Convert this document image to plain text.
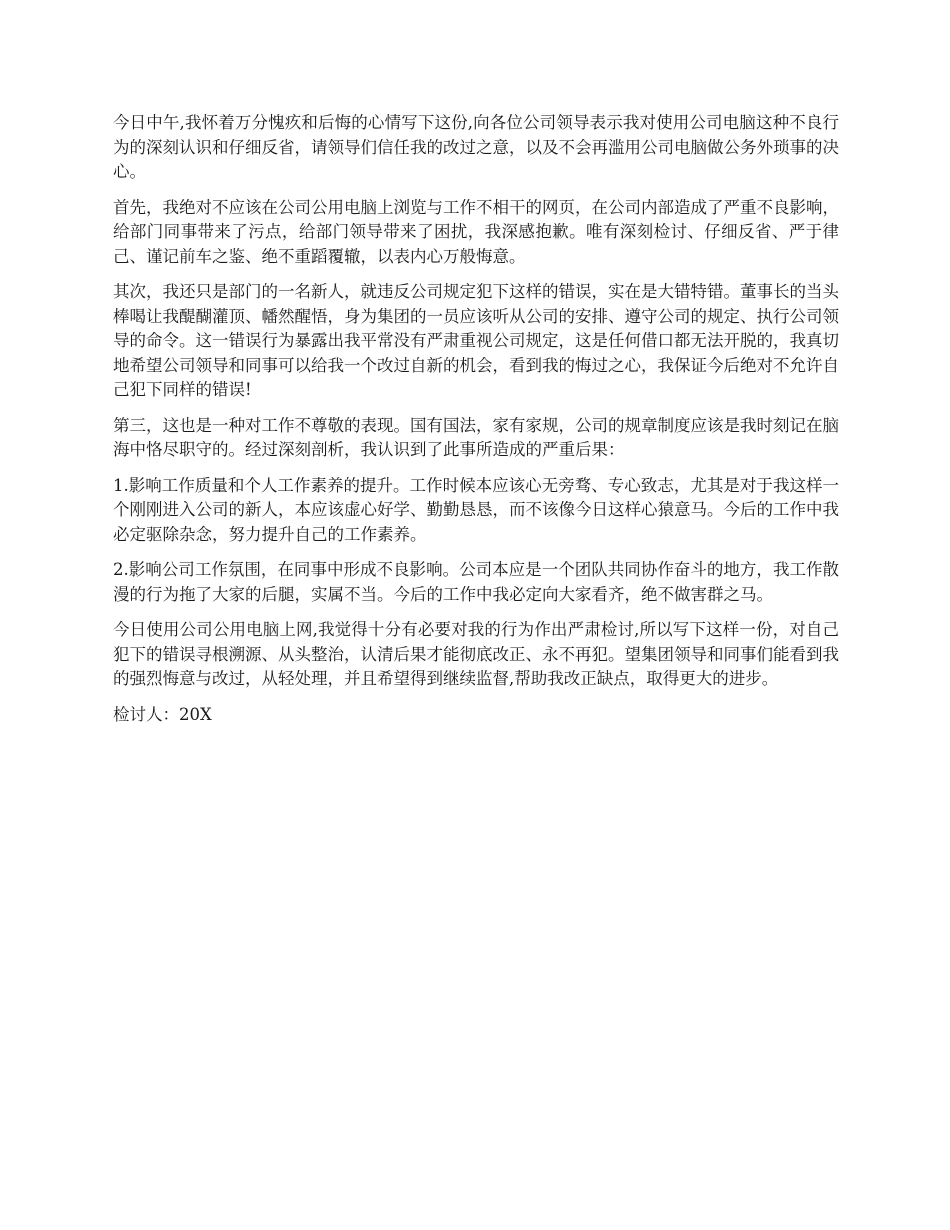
今日中午,我怀着万分愧疚和后悔的心情写下这份,向各位公司领导表示我对使用公司电脑这种不良行为的深刻认识和仔细反省，请领导们信任我的改过之意，以及不会再滥用公司电脑做公务外琐事的决心。

首先，我绝对不应该在公司公用电脑上浏览与工作不相干的网页，在公司内部造成了严重不良影响，给部门同事带来了污点，给部门领导带来了困扰，我深感抱歉。唯有深刻检讨、仔细反省、严于律己、谨记前车之鉴、绝不重蹈覆辙，以表内心万般悔意。

其次，我还只是部门的一名新人，就违反公司规定犯下这样的错误，实在是大错特错。董事长的当头棒喝让我醍醐灌顶、幡然醒悟，身为集团的一员应该听从公司的安排、遵守公司的规定、执行公司领导的命令。这一错误行为暴露出我平常没有严肃重视公司规定，这是任何借口都无法开脱的，我真切地希望公司领导和同事可以给我一个改过自新的机会，看到我的悔过之心，我保证今后绝对不允许自己犯下同样的错误!

第三，这也是一种对工作不尊敬的表现。国有国法，家有家规，公司的规章制度应该是我时刻记在脑海中恪尽职守的。经过深刻剖析，我认识到了此事所造成的严重后果：

1.影响工作质量和个人工作素养的提升。工作时候本应该心无旁骛、专心致志，尤其是对于我这样一个刚刚进入公司的新人，本应该虚心好学、勤勤恳恳，而不该像今日这样心猿意马。今后的工作中我必定驱除杂念，努力提升自己的工作素养。

2.影响公司工作氛围，在同事中形成不良影响。公司本应是一个团队共同协作奋斗的地方，我工作散漫的行为拖了大家的后腿，实属不当。今后的工作中我必定向大家看齐，绝不做害群之马。

今日使用公司公用电脑上网,我觉得十分有必要对我的行为作出严肃检讨,所以写下这样一份，对自己犯下的错误寻根溯源、从头整治，认清后果才能彻底改正、永不再犯。望集团领导和同事们能看到我的强烈悔意与改过，从轻处理，并且希望得到继续监督,帮助我改正缺点，取得更大的进步。

检讨人：20X
